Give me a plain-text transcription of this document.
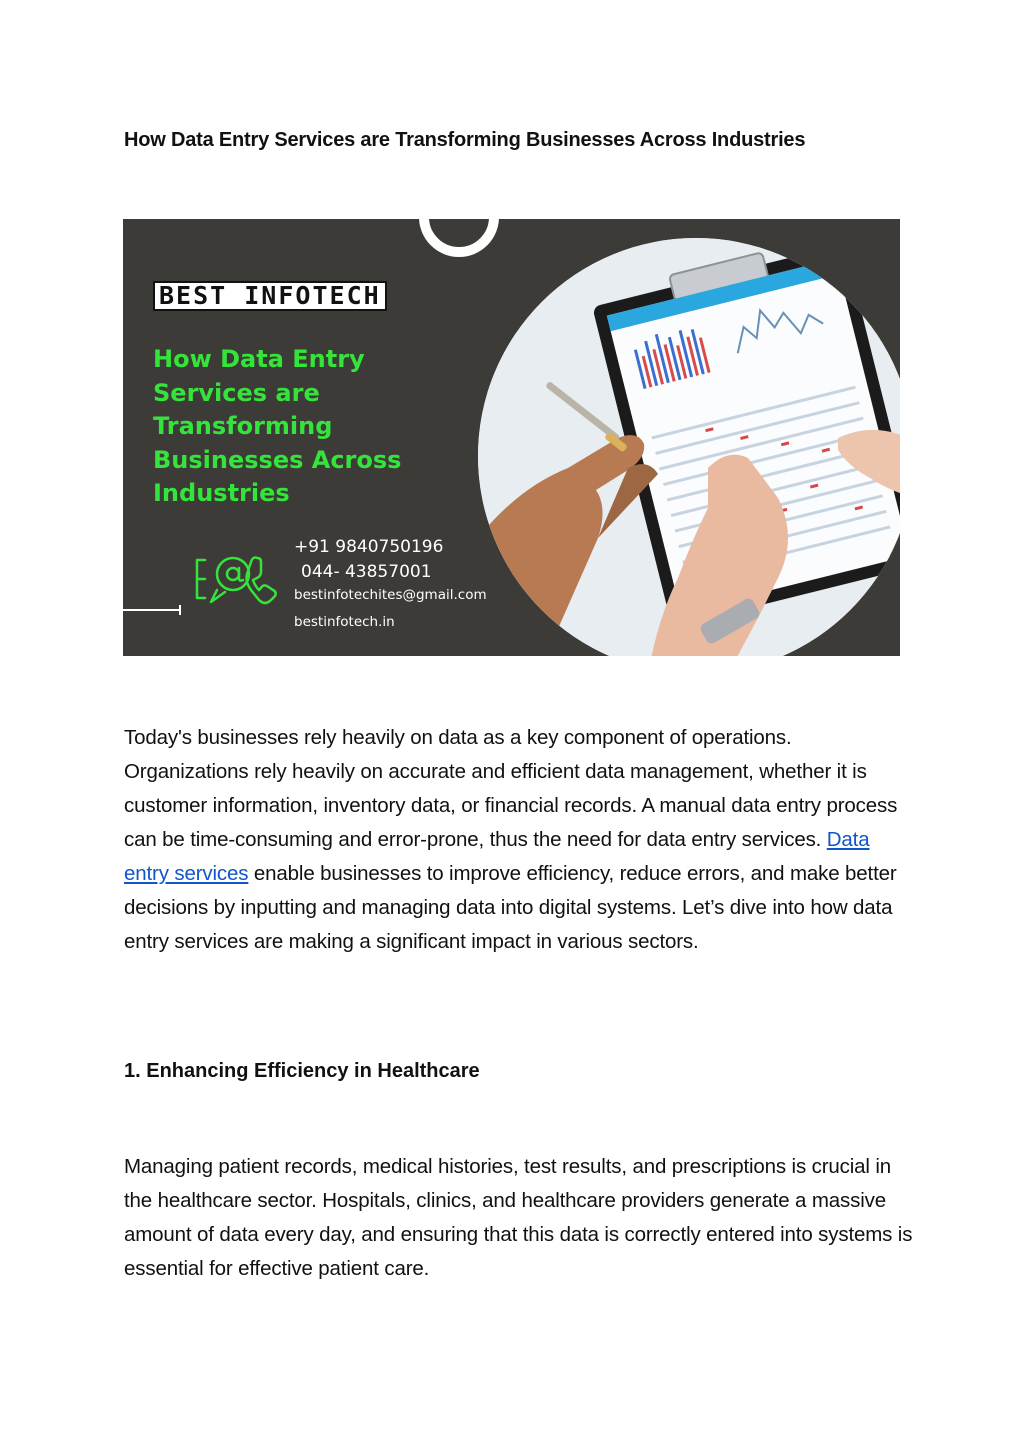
How Data Entry Services are Transforming Businesses Across Industries
BEST INFOTECH
How Data Entry
Services are
Transforming
Businesses Across
Industries
+91 9840750196
044- 43857001
bestinfotechites@gmail.com
bestinfotech.in
Today's businesses rely heavily on data as a key component of operations. Organizations rely heavily on accurate and efficient data management, whether it is customer information, inventory data, or financial records. A manual data entry process can be time-consuming and error-prone, thus the need for data entry services. Data entry services enable businesses to improve efficiency, reduce errors, and make better decisions by inputting and managing data into digital systems. Let’s dive into how data entry services are making a significant impact in various sectors.
1. Enhancing Efficiency in Healthcare
Managing patient records, medical histories, test results, and prescriptions is crucial in the healthcare sector. Hospitals, clinics, and healthcare providers generate a massive amount of data every day, and ensuring that this data is correctly entered into systems is essential for effective patient care.
